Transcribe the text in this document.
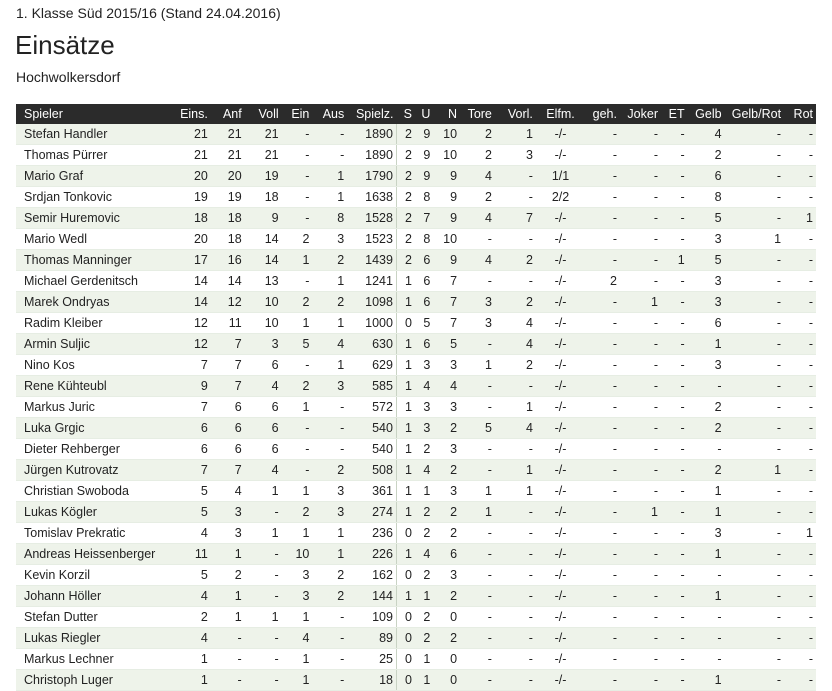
1. Klasse Süd 2015/16 (Stand 24.04.2016)
Einsätze
Hochwolkersdorf
Spieler	Eins.	Anf	Voll	Ein	Aus	Spielz.	S	U	N	Tore	Vorl.	Elfm.	geh.	Joker	ET	Gelb	Gelb/Rot	Rot
Stefan Handler	21	21	21	-	-	1890	2	9	10	2	1	-/-	-	-	-	4	-	-
Thomas Pürrer	21	21	21	-	-	1890	2	9	10	2	3	-/-	-	-	-	2	-	-
Mario Graf	20	20	19	-	1	1790	2	9	9	4	-	1/1	-	-	-	6	-	-
Srdjan Tonkovic	19	19	18	-	1	1638	2	8	9	2	-	2/2	-	-	-	8	-	-
Semir Huremovic	18	18	9	-	8	1528	2	7	9	4	7	-/-	-	-	-	5	-	1
Mario Wedl	20	18	14	2	3	1523	2	8	10	-	-	-/-	-	-	-	3	1	-
Thomas Manninger	17	16	14	1	2	1439	2	6	9	4	2	-/-	-	-	1	5	-	-
Michael Gerdenitsch	14	14	13	-	1	1241	1	6	7	-	-	-/-	2	-	-	3	-	-
Marek Ondryas	14	12	10	2	2	1098	1	6	7	3	2	-/-	-	1	-	3	-	-
Radim Kleiber	12	11	10	1	1	1000	0	5	7	3	4	-/-	-	-	-	6	-	-
Armin Suljic	12	7	3	5	4	630	1	6	5	-	4	-/-	-	-	-	1	-	-
Nino Kos	7	7	6	-	1	629	1	3	3	1	2	-/-	-	-	-	3	-	-
Rene Kühteubl	9	7	4	2	3	585	1	4	4	-	-	-/-	-	-	-	-	-	-
Markus Juric	7	6	6	1	-	572	1	3	3	-	1	-/-	-	-	-	2	-	-
Luka Grgic	6	6	6	-	-	540	1	3	2	5	4	-/-	-	-	-	2	-	-
Dieter Rehberger	6	6	6	-	-	540	1	2	3	-	-	-/-	-	-	-	-	-	-
Jürgen Kutrovatz	7	7	4	-	2	508	1	4	2	-	1	-/-	-	-	-	2	1	-
Christian Swoboda	5	4	1	1	3	361	1	1	3	1	1	-/-	-	-	-	1	-	-
Lukas Kögler	5	3	-	2	3	274	1	2	2	1	-	-/-	-	1	-	1	-	-
Tomislav Prekratic	4	3	1	1	1	236	0	2	2	-	-	-/-	-	-	-	3	-	1
Andreas Heissenberger	11	1	-	10	1	226	1	4	6	-	-	-/-	-	-	-	1	-	-
Kevin Korzil	5	2	-	3	2	162	0	2	3	-	-	-/-	-	-	-	-	-	-
Johann Höller	4	1	-	3	2	144	1	1	2	-	-	-/-	-	-	-	1	-	-
Stefan Dutter	2	1	1	1	-	109	0	2	0	-	-	-/-	-	-	-	-	-	-
Lukas Riegler	4	-	-	4	-	89	0	2	2	-	-	-/-	-	-	-	-	-	-
Markus Lechner	1	-	-	1	-	25	0	1	0	-	-	-/-	-	-	-	-	-	-
Christoph Luger	1	-	-	1	-	18	0	1	0	-	-	-/-	-	-	-	1	-	-
